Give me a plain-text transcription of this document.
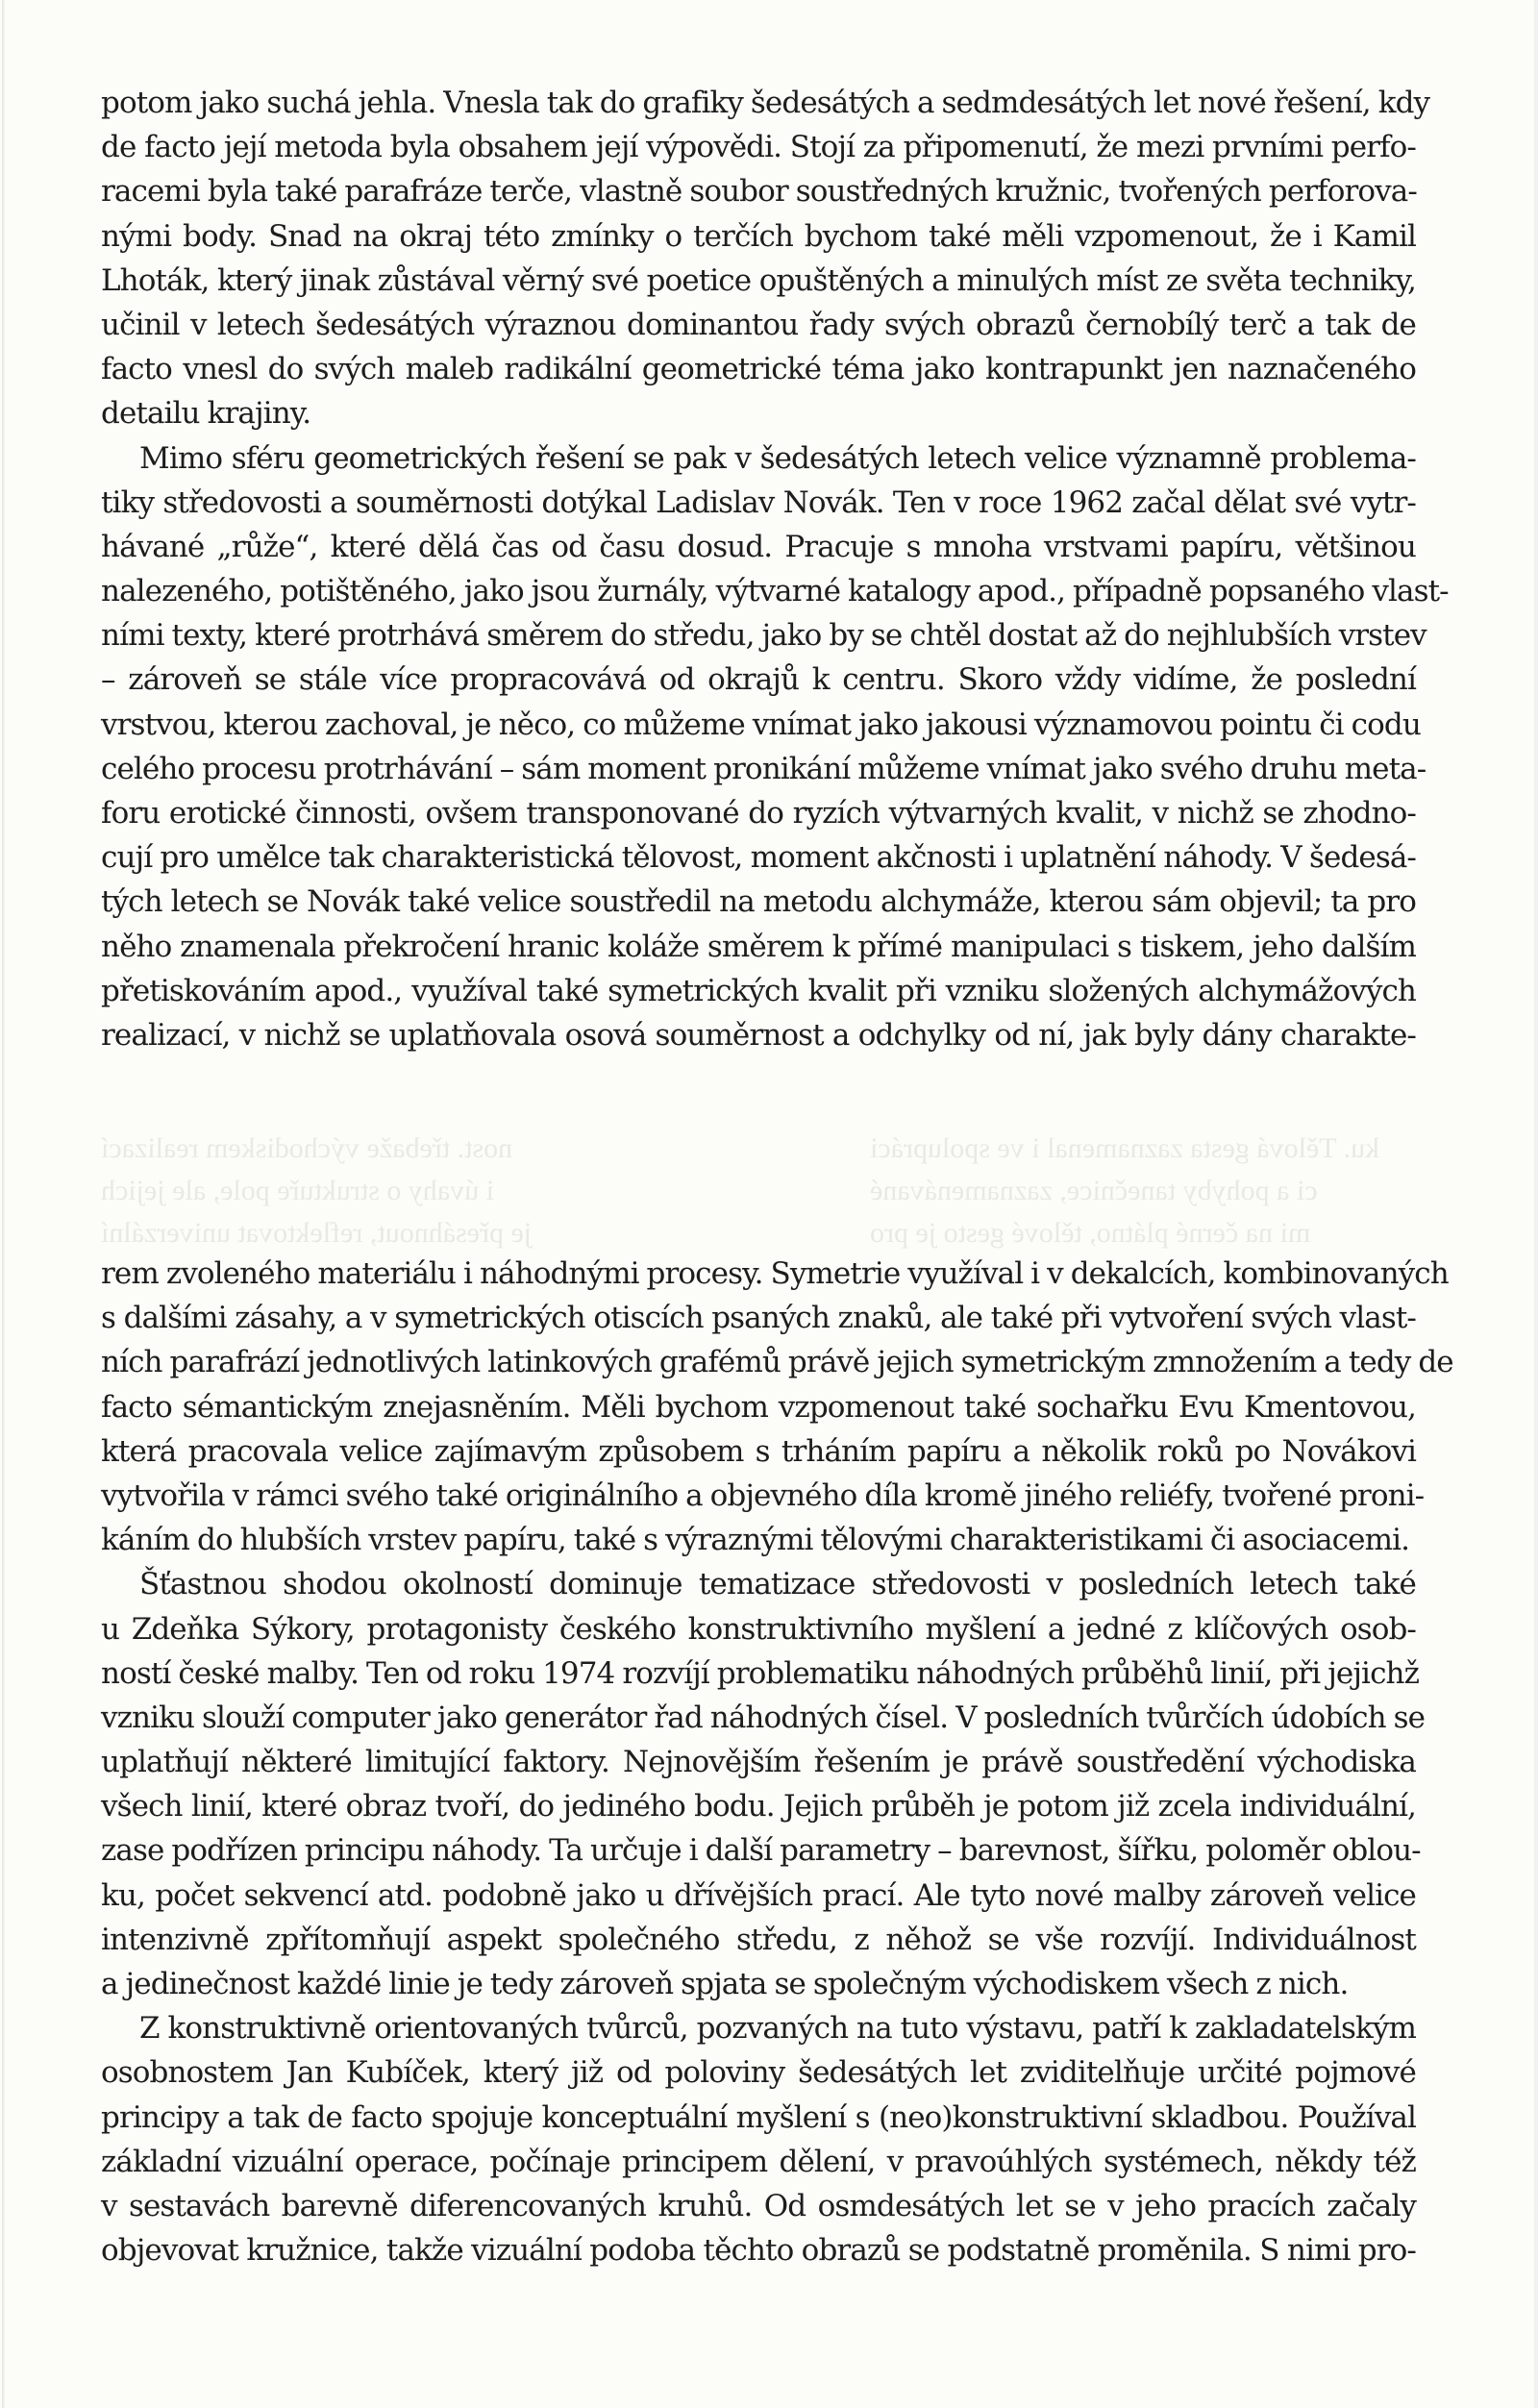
nost. třebaže východiskem realizací
i úvahy o struktuře pole, ale jejich
je přesáhnout, reflektovat univerzální
ku. Tělová gesta zaznamenal i ve spolupráci
ci a pohyby tanečnice, zaznamenávané
mi na černé plátno, tělové gesto je pro
potom jako suchá jehla. Vnesla tak do grafiky šedesátých a sedmdesátých let nové řešení, kdy
de facto její metoda byla obsahem její výpovědi. Stojí za připomenutí, že mezi prvními perfo-
racemi byla také parafráze terče, vlastně soubor soustředných kružnic, tvořených perforova-
nými body. Snad na okraj této zmínky o terčích bychom také měli vzpomenout, že i Kamil
Lhoták, který jinak zůstával věrný své poetice opuštěných a minulých míst ze světa techniky,
učinil v letech šedesátých výraznou dominantou řady svých obrazů černobílý terč a tak de
facto vnesl do svých maleb radikální geometrické téma jako kontrapunkt jen naznačeného
detailu krajiny.
Mimo sféru geometrických řešení se pak v šedesátých letech velice významně problema-
tiky středovosti a souměrnosti dotýkal Ladislav Novák. Ten v roce 1962 začal dělat své vytr-
hávané „růže“, které dělá čas od času dosud. Pracuje s mnoha vrstvami papíru, většinou
nalezeného, potištěného, jako jsou žurnály, výtvarné katalogy apod., případně popsaného vlast-
ními texty, které protrhává směrem do středu, jako by se chtěl dostat až do nejhlubších vrstev
– zároveň se stále více propracovává od okrajů k centru. Skoro vždy vidíme, že poslední
vrstvou, kterou zachoval, je něco, co můžeme vnímat jako jakousi významovou pointu či codu
celého procesu protrhávání – sám moment pronikání můžeme vnímat jako svého druhu meta-
foru erotické činnosti, ovšem transponované do ryzích výtvarných kvalit, v nichž se zhodno-
cují pro umělce tak charakteristická tělovost, moment akčnosti i uplatnění náhody. V šedesá-
tých letech se Novák také velice soustředil na metodu alchymáže, kterou sám objevil; ta pro
něho znamenala překročení hranic koláže směrem k přímé manipulaci s tiskem, jeho dalším
přetiskováním apod., využíval také symetrických kvalit při vzniku složených alchymážových
realizací, v nichž se uplatňovala osová souměrnost a odchylky od ní, jak byly dány charakte-
rem zvoleného materiálu i náhodnými procesy. Symetrie využíval i v dekalcích, kombinovaných
s dalšími zásahy, a v symetrických otiscích psaných znaků, ale také při vytvoření svých vlast-
ních parafrází jednotlivých latinkových grafémů právě jejich symetrickým zmnožením a tedy de
facto sémantickým znejasněním. Měli bychom vzpomenout také sochařku Evu Kmentovou,
která pracovala velice zajímavým způsobem s trháním papíru a několik roků po Novákovi
vytvořila v rámci svého také originálního a objevného díla kromě jiného reliéfy, tvořené proni-
káním do hlubších vrstev papíru, také s výraznými tělovými charakteristikami či asociacemi.
Šťastnou shodou okolností dominuje tematizace středovosti v posledních letech také
u Zdeňka Sýkory, protagonisty českého konstruktivního myšlení a jedné z klíčových osob-
ností české malby. Ten od roku 1974 rozvíjí problematiku náhodných průběhů linií, při jejichž
vzniku slouží computer jako generátor řad náhodných čísel. V posledních tvůrčích údobích se
uplatňují některé limitující faktory. Nejnovějším řešením je právě soustředění východiska
všech linií, které obraz tvoří, do jediného bodu. Jejich průběh je potom již zcela individuální,
zase podřízen principu náhody. Ta určuje i další parametry – barevnost, šířku, poloměr oblou-
ku, počet sekvencí atd. podobně jako u dřívějších prací. Ale tyto nové malby zároveň velice
intenzivně zpřítomňují aspekt společného středu, z něhož se vše rozvíjí. Individuálnost
a jedinečnost každé linie je tedy zároveň spjata se společným východiskem všech z nich.
Z konstruktivně orientovaných tvůrců, pozvaných na tuto výstavu, patří k zakladatelským
osobnostem Jan Kubíček, který již od poloviny šedesátých let zviditelňuje určité pojmové
principy a tak de facto spojuje konceptuální myšlení s (neo)konstruktivní skladbou. Používal
základní vizuální operace, počínaje principem dělení, v pravoúhlých systémech, někdy též
v sestavách barevně diferencovaných kruhů. Od osmdesátých let se v jeho pracích začaly
objevovat kružnice, takže vizuální podoba těchto obrazů se podstatně proměnila. S nimi pro-
